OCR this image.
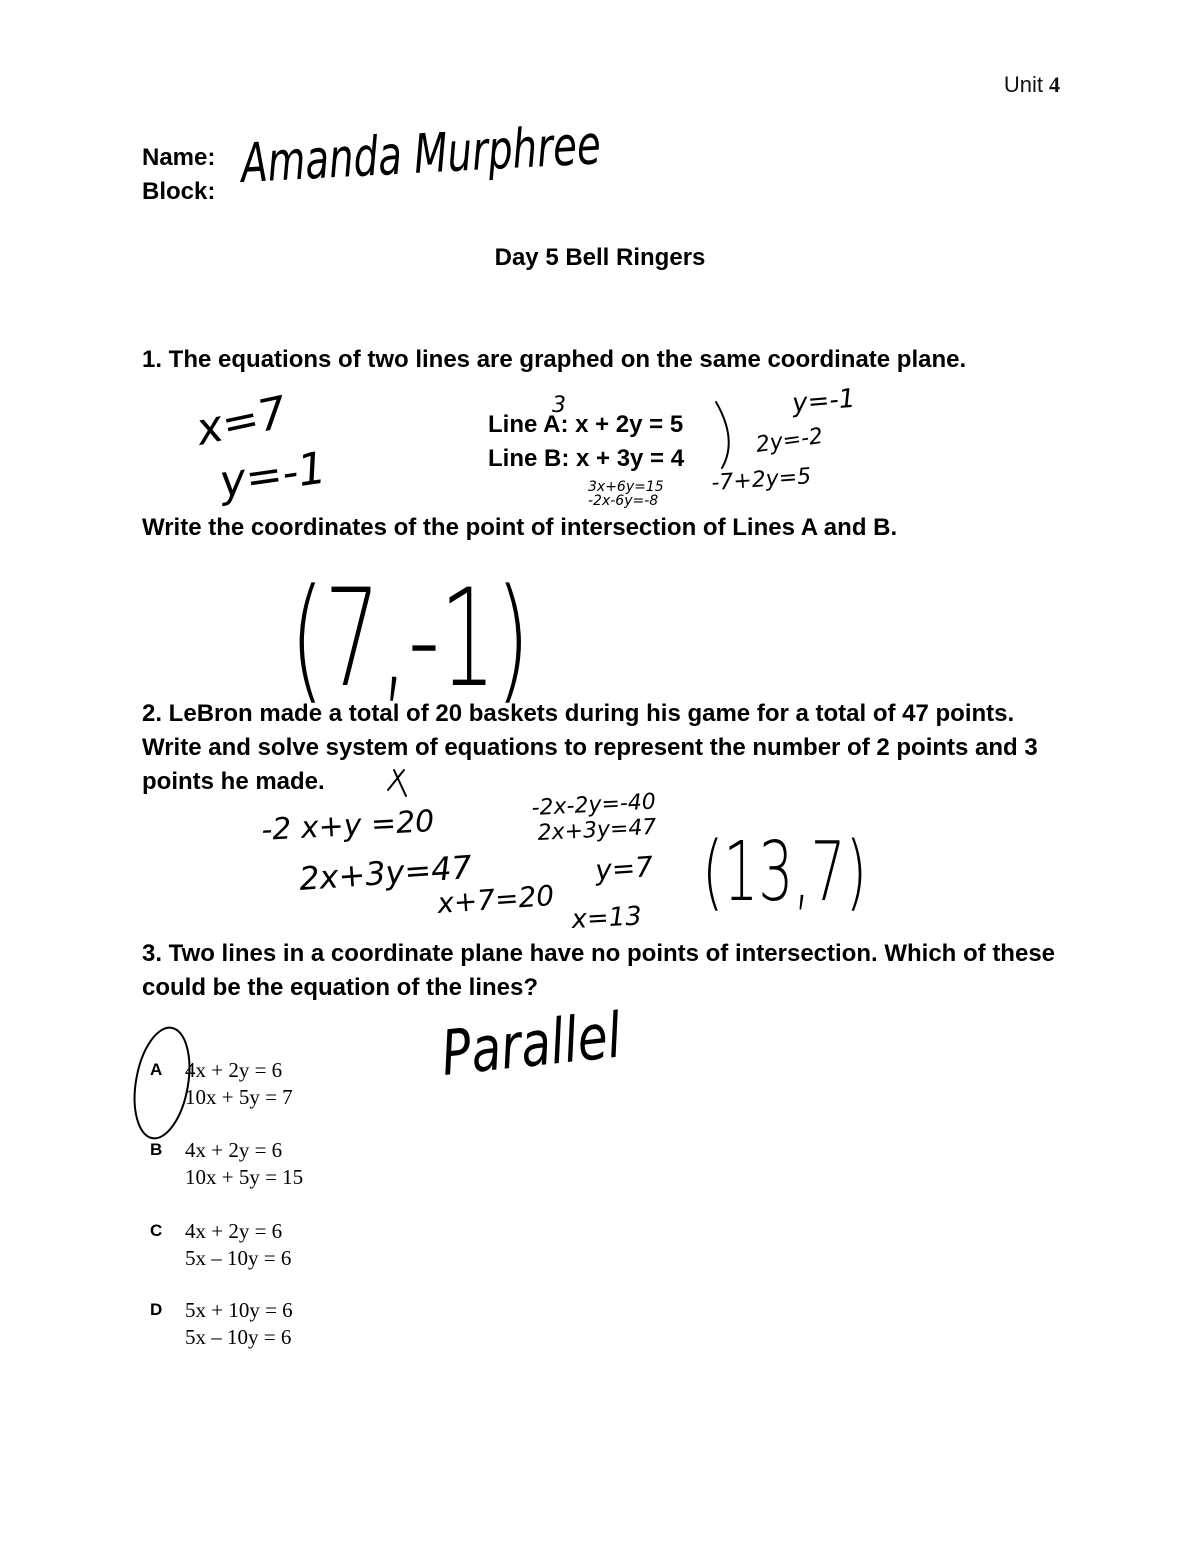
Unit 4
Name:
Block:
Day 5 Bell Ringers
1. The equations of two lines are graphed on the same coordinate plane.
Line A: x + 2y = 5
Line B: x + 3y = 4
Write the coordinates of the point of intersection of Lines A and B.
2. LeBron made a total of 20 baskets during his game for a total of 47 points. Write and solve system of equations to represent the number of 2 points and 3 points he made.
3. Two lines in a coordinate plane have no points of intersection. Which of these could be the equation of the lines?
A 4x + 2y = 6
10x + 5y = 7
B 4x + 2y = 6
10x + 5y = 15
C 4x + 2y = 6
5x – 10y = 6
D 5x + 10y = 6
5x – 10y = 6
Amanda Murphree
x=7
y=-1
3	y=-1
2y=-2
-7+2y=5
3x+6y=15
-2x-6y=-8
(7,-1)
-2 x+y =20
2x+3y=47
x+7=20
-2x-2y=-40
2x+3y=47
y=7
x=13 (13,7)
Parallel
